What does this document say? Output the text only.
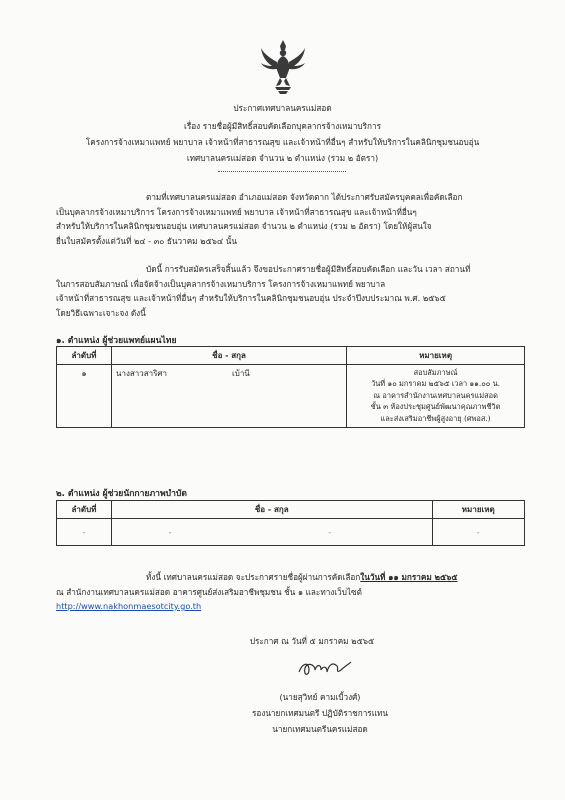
ประกาศเทศบาลนครแม่สอด
เรื่อง รายชื่อผู้มีสิทธิ์สอบคัดเลือกบุคลากรจ้างเหมาบริการ
โครงการจ้างเหมาแพทย์ พยาบาล เจ้าหน้าที่สาธารณสุข และเจ้าหน้าที่อื่นๆ สำหรับให้บริการในคลินิกชุมชนอบอุ่น
เทศบาลนครแม่สอด จำนวน ๒ ตำแหน่ง (รวม ๒ อัตรา)
ตามที่เทศบาลนครแม่สอด อำเภอแม่สอด จังหวัดตาก ได้ประกาศรับสมัครบุคคลเพื่อคัดเลือก
เป็นบุคลากรจ้างเหมาบริการ โครงการจ้างเหมาแพทย์ พยาบาล เจ้าหน้าที่สาธารณสุข และเจ้าหน้าที่อื่นๆ
สำหรับให้บริการในคลินิกชุมชนอบอุ่น เทศบาลนครแม่สอด จำนวน ๒ ตำแหน่ง (รวม ๒ อัตรา) โดยให้ผู้สนใจ
ยื่นใบสมัครตั้งแต่วันที่ ๒๔ - ๓๐ ธันวาคม ๒๕๖๔ นั้น
บัดนี้ การรับสมัครเสร็จสิ้นแล้ว จึงขอประกาศรายชื่อผู้มีสิทธิ์สอบคัดเลือก และวัน เวลา สถานที่
ในการสอบสัมภาษณ์ เพื่อจัดจ้างเป็นบุคลากรจ้างเหมาบริการ โครงการจ้างเหมาแพทย์ พยาบาล
เจ้าหน้าที่สาธารณสุข และเจ้าหน้าที่อื่นๆ สำหรับให้บริการในคลินิกชุมชนอบอุ่น ประจำปีงบประมาณ พ.ศ. ๒๕๖๕
โดยวิธีเฉพาะเจาะจง ดังนี้
๑. ตำแหน่ง ผู้ช่วยแพทย์แผนไทย
ลำดับที่	ชื่อ - สกุล		หมายเหตุ
๑	นางสาวสาริศา	เบ้านี	สอบสัมภาษณ์
วันที่ ๑๐ มกราคม ๒๕๖๕ เวลา ๑๑.๐๐ น.
ณ อาคารสำนักงานเทศบาลนครแม่สอด
ชั้น ๓ ห้องประชุมศูนย์พัฒนาคุณภาพชีวิต
และส่งเสริมอาชีพผู้สูงอายุ (ศพอส.)
๒. ตำแหน่ง ผู้ช่วยนักกายภาพบำบัด
ลำดับที่	ชื่อ - สกุล		หมายเหตุ
-	-	-	-
ทั้งนี้ เทศบาลนครแม่สอด จะประกาศรายชื่อผู้ผ่านการคัดเลือกในวันที่ ๑๑ มกราคม ๒๕๖๕
ณ สำนักงานเทศบาลนครแม่สอด อาคารศูนย์ส่งเสริมอาชีพชุมชน ชั้น ๑ และทางเว็บไซต์
http://www.nakhonmaesotcity.go.th
ประกาศ ณ วันที่ ๕ มกราคม ๒๕๖๕
(นายสุวิทย์ คามเบี้วงศ์)
รองนายกเทศมนตรี ปฏิบัติราชการแทน
นายกเทศมนตรีนครแม่สอด
